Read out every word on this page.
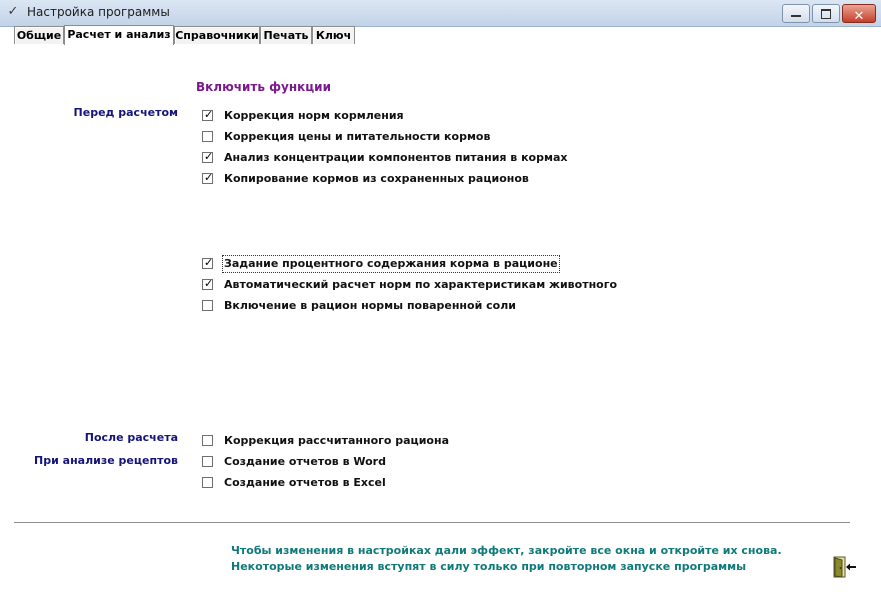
✓ Настройка программы	✕
Общие Расчет и анализ Справочники Печать Ключ
Включить функции
Перед расчетом
После расчета
При анализе рецептов
✓ Коррекция норм кормления
Коррекция цены и питательности кормов
✓ Анализ концентрации компонентов питания в кормах
✓ Копирование кормов из сохраненных рационов
✓ Задание процентного содержания корма в рационе
✓ Автоматический расчет норм по характеристикам животного
Включение в рацион нормы поваренной соли
Коррекция рассчитанного рациона
Создание отчетов в Word
Создание отчетов в Excel
Чтобы изменения в настройках дали эффект, закройте все окна и откройте их снова.
Некоторые изменения вступят в силу только при повторном запуске программы
